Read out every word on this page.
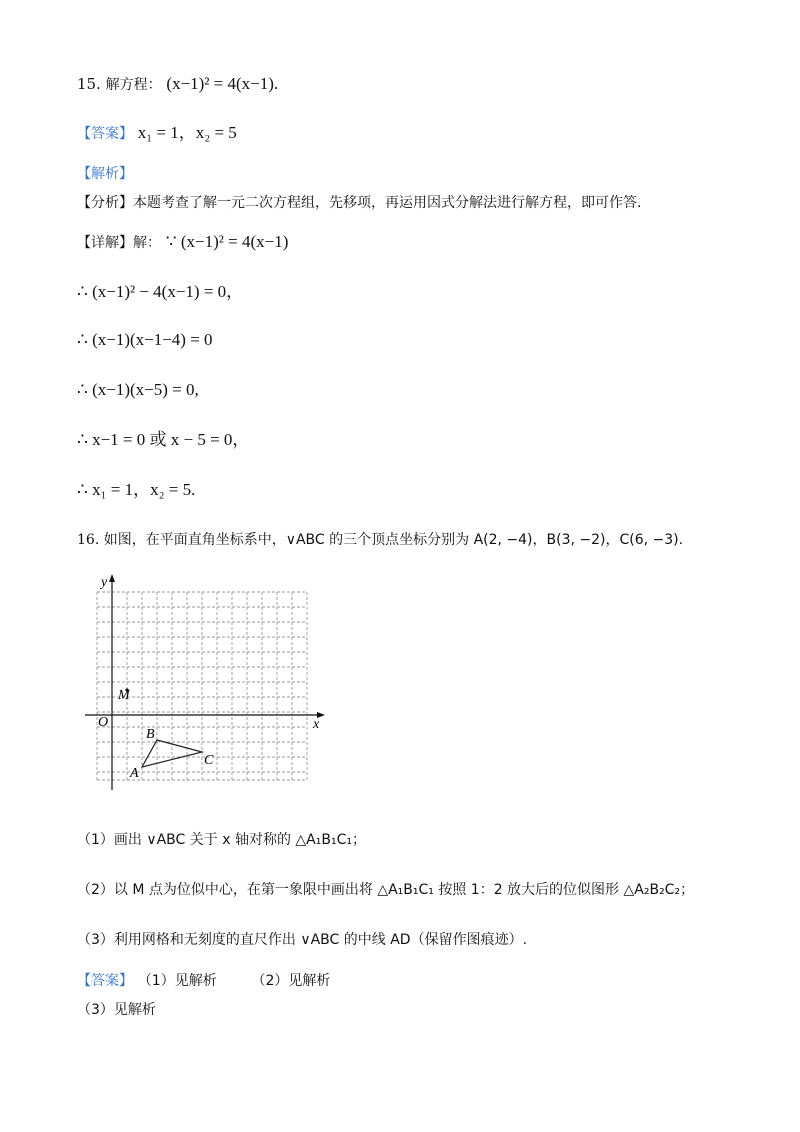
15. 解方程： (x−1)² = 4(x−1).
【答案】 x₁ = 1，x₂ = 5
【解析】
【分析】本题考查了解一元二次方程组，先移项，再运用因式分解法进行解方程，即可作答.
【详解】解： ∵ (x−1)² = 4(x−1)
∴ (x−1)² − 4(x−1) = 0，
∴ (x−1)(x−1−4) = 0
∴ (x−1)(x−5) = 0,
∴ x−1 = 0 或 x − 5 = 0，
∴ x₁ = 1，x₂ = 5.
16. 如图，在平面直角坐标系中，∨ABC 的三个顶点坐标分别为 A(2, −4)，B(3, −2)，C(6, −3).
y
x
O
M
A
B
C
（1）画出 ∨ABC 关于 x 轴对称的 △A₁B₁C₁；
（2）以 M 点为位似中心，在第一象限中画出将 △A₁B₁C₁ 按照 1：2 放大后的位似图形 △A₂B₂C₂；
（3）利用网格和无刻度的直尺作出 ∨ABC 的中线 AD（保留作图痕迹）.
【答案】 （1）见解析 （2）见解析
（3）见解析
